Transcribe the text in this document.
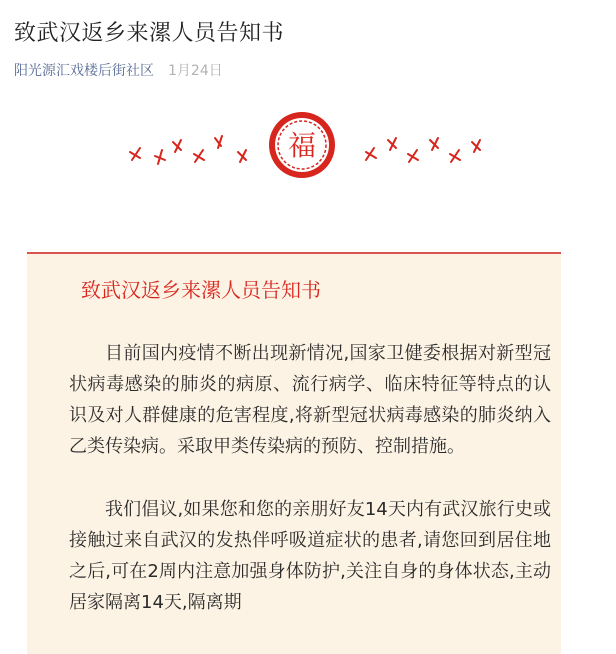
致武汉返乡来漯人员告知书
阳光源汇戏楼后街社区 1月24日
福
致武汉返乡来漯人员告知书

目前国内疫情不断出现新情况,国家卫健委根据对新型冠状病毒感染的肺炎的病原、流行病学、临床特征等特点的认识及对人群健康的危害程度,将新型冠状病毒感染的肺炎纳入乙类传染病。采取甲类传染病的预防、控制措施。

我们倡议,如果您和您的亲朋好友14天内有武汉旅行史或接触过来自武汉的发热伴呼吸道症状的患者,请您回到居住地之后,可在2周内注意加强身体防护,关注自身的身体状态,主动居家隔离14天,隔离期
